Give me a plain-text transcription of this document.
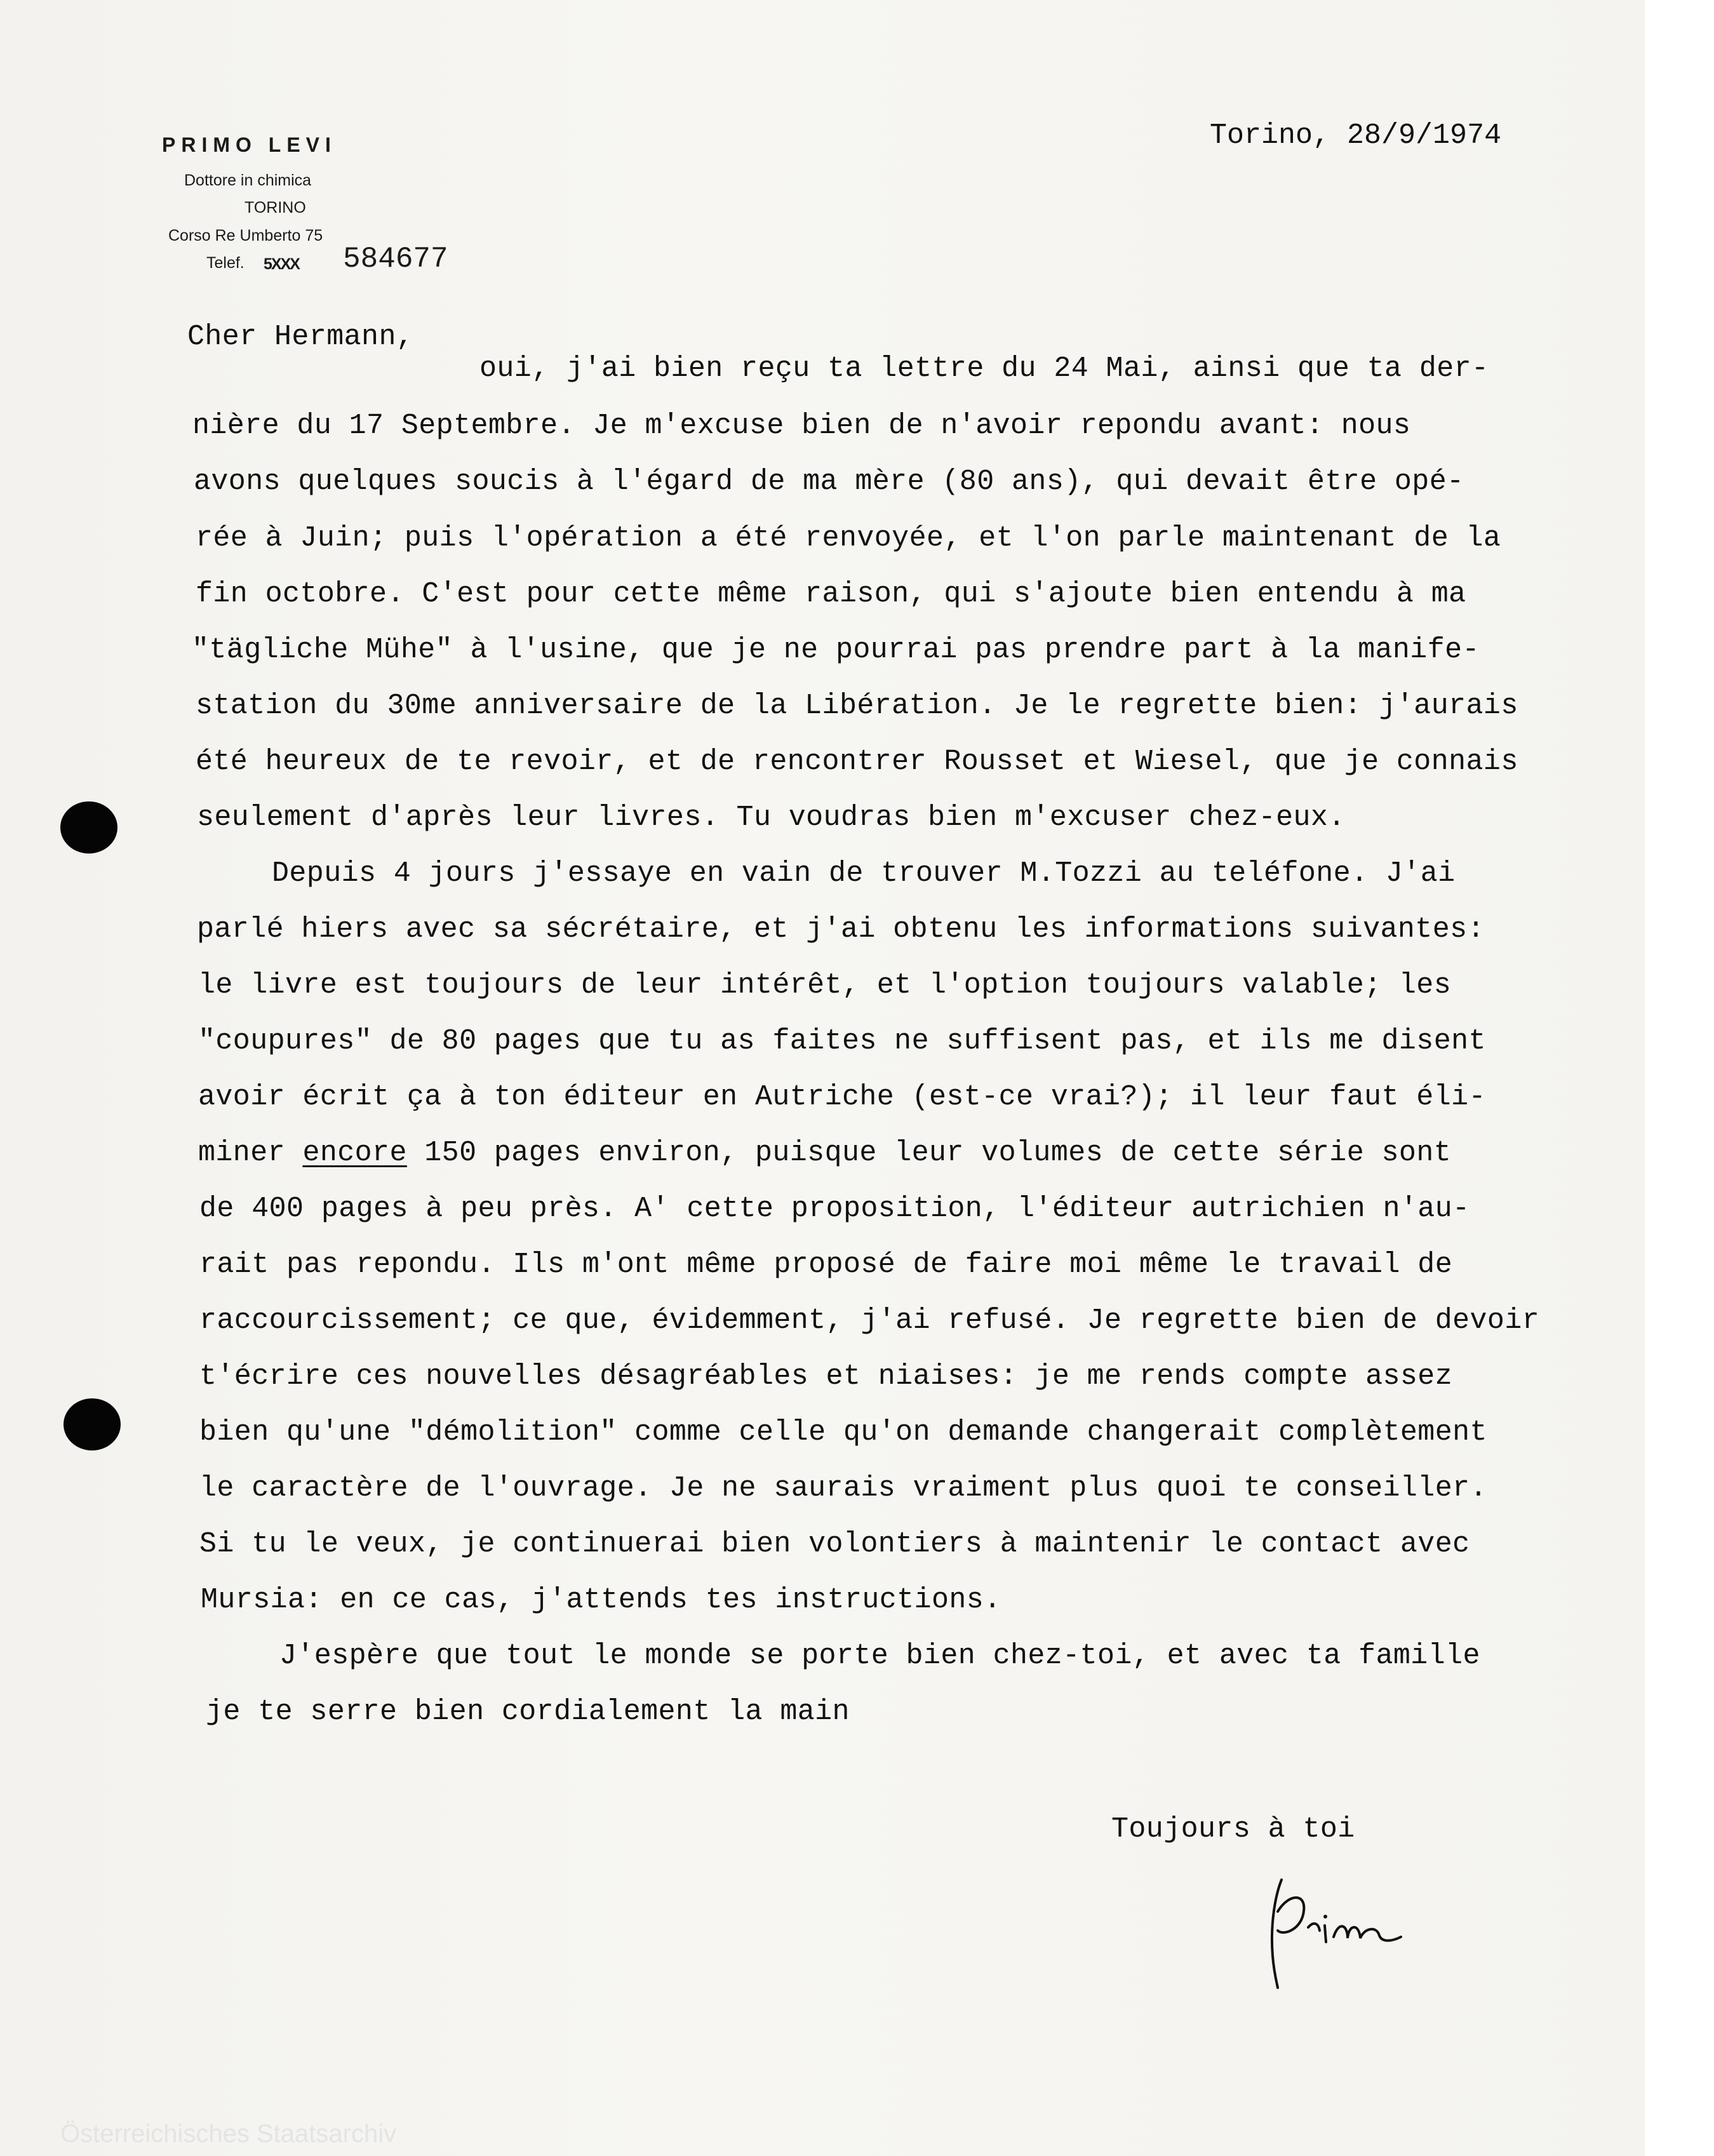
PRIMO LEVI
Dottore in chimica
TORINO
Corso Re Umberto 75
Telef. 5XXX 584677
Torino, 28/9/1974
Cher Hermann,
oui, j'ai bien reçu ta lettre du 24 Mai, ainsi que ta der-
nière du 17 Septembre. Je m'excuse bien de n'avoir repondu avant: nous
avons quelques soucis à l'égard de ma mère (80 ans), qui devait être opé-
rée à Juin; puis l'opération a été renvoyée, et l'on parle maintenant de la
fin octobre. C'est pour cette même raison, qui s'ajoute bien entendu à ma
"tägliche Mühe" à l'usine, que je ne pourrai pas prendre part à la manife-
station du 30me anniversaire de la Libération. Je le regrette bien: j'aurais
été heureux de te revoir, et de rencontrer Rousset et Wiesel, que je connais
seulement d'après leur livres. Tu voudras bien m'excuser chez-eux.
Depuis 4 jours j'essaye en vain de trouver M.Tozzi au teléfone. J'ai
parlé hiers avec sa sécrétaire, et j'ai obtenu les informations suivantes:
le livre est toujours de leur intérêt, et l'option toujours valable; les
"coupures" de 80 pages que tu as faites ne suffisent pas, et ils me disent
avoir écrit ça à ton éditeur en Autriche (est-ce vrai?); il leur faut éli-
miner encore 150 pages environ, puisque leur volumes de cette série sont
de 400 pages à peu près. A' cette proposition, l'éditeur autrichien n'au-
rait pas repondu. Ils m'ont même proposé de faire moi même le travail de
raccourcissement; ce que, évidemment, j'ai refusé. Je regrette bien de devoir
t'écrire ces nouvelles désagréables et niaises: je me rends compte assez
bien qu'une "démolition" comme celle qu'on demande changerait complètement
le caractère de l'ouvrage. Je ne saurais vraiment plus quoi te conseiller.
Si tu le veux, je continuerai bien volontiers à maintenir le contact avec
Mursia: en ce cas, j'attends tes instructions.
J'espère que tout le monde se porte bien chez-toi, et avec ta famille
je te serre bien cordialement la main
Toujours à toi
Österreichisches Staatsarchiv
